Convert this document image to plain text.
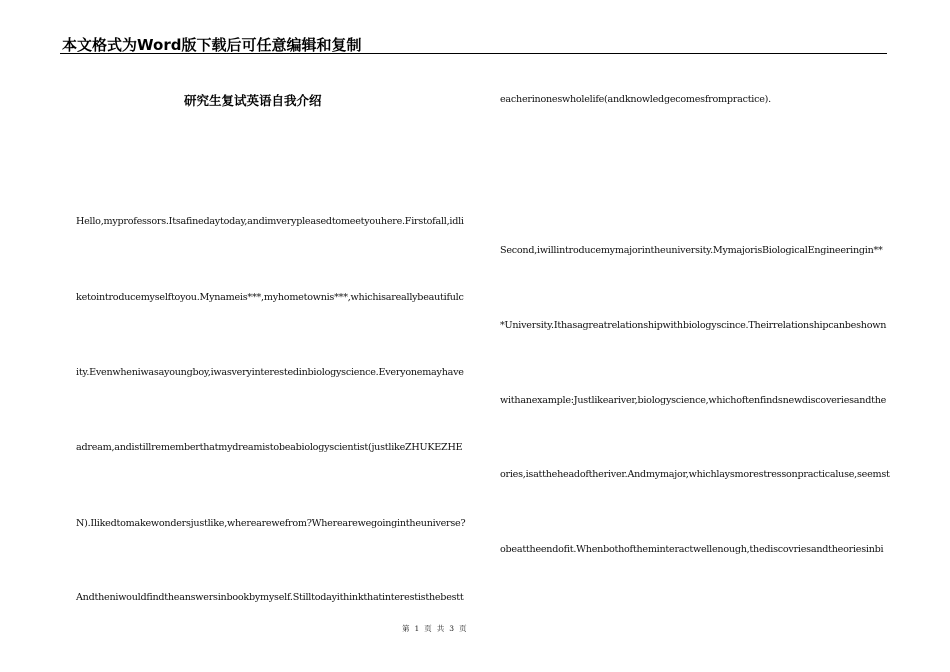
本文格式为Word版下载后可任意编辑和复制
研究生复试英语自我介绍
Hello,myprofessors.Itsafinedaytoday,andimverypleasedtomeetyouhere.Firstofall,idli
ketointroducemyselftoyou.Mynameis***,myhometownis***,whichisareallybeautifulc
ity.Evenwheniwasayoungboy,iwasveryinterestedinbiologyscience.Everyonemayhave
adream,andistillrememberthatmydreamistobeabiologyscientist(justlikeZHUKEZHE
N).Ilikedtomakewondersjustlike,wherearewefrom?Wherearewegoingintheuniverse?
Andtheniwouldfindtheanswersinbookbymyself.Stilltodayithinkthatinterestisthebestt
eacherinoneswholelife(andknowledgecomesfrompractice).
Second,iwillintroducemymajorintheuniversity.MymajorisBiologicalEngineeringin**
*University.Ithasagreatrelationshipwithbiologyscince.Theirrelationshipcanbeshown
withanexample:Justlikeariver,biologyscience,whichoftenfindsnewdiscoveriesandthe
ories,isattheheadoftheriver.Andmymajor,whichlaysmorestressonpracticaluse,seemst
obeattheendofit.Whenbothoftheminteractwellenough,thediscovriesandtheoriesinbi
第 1 页 共 3 页
